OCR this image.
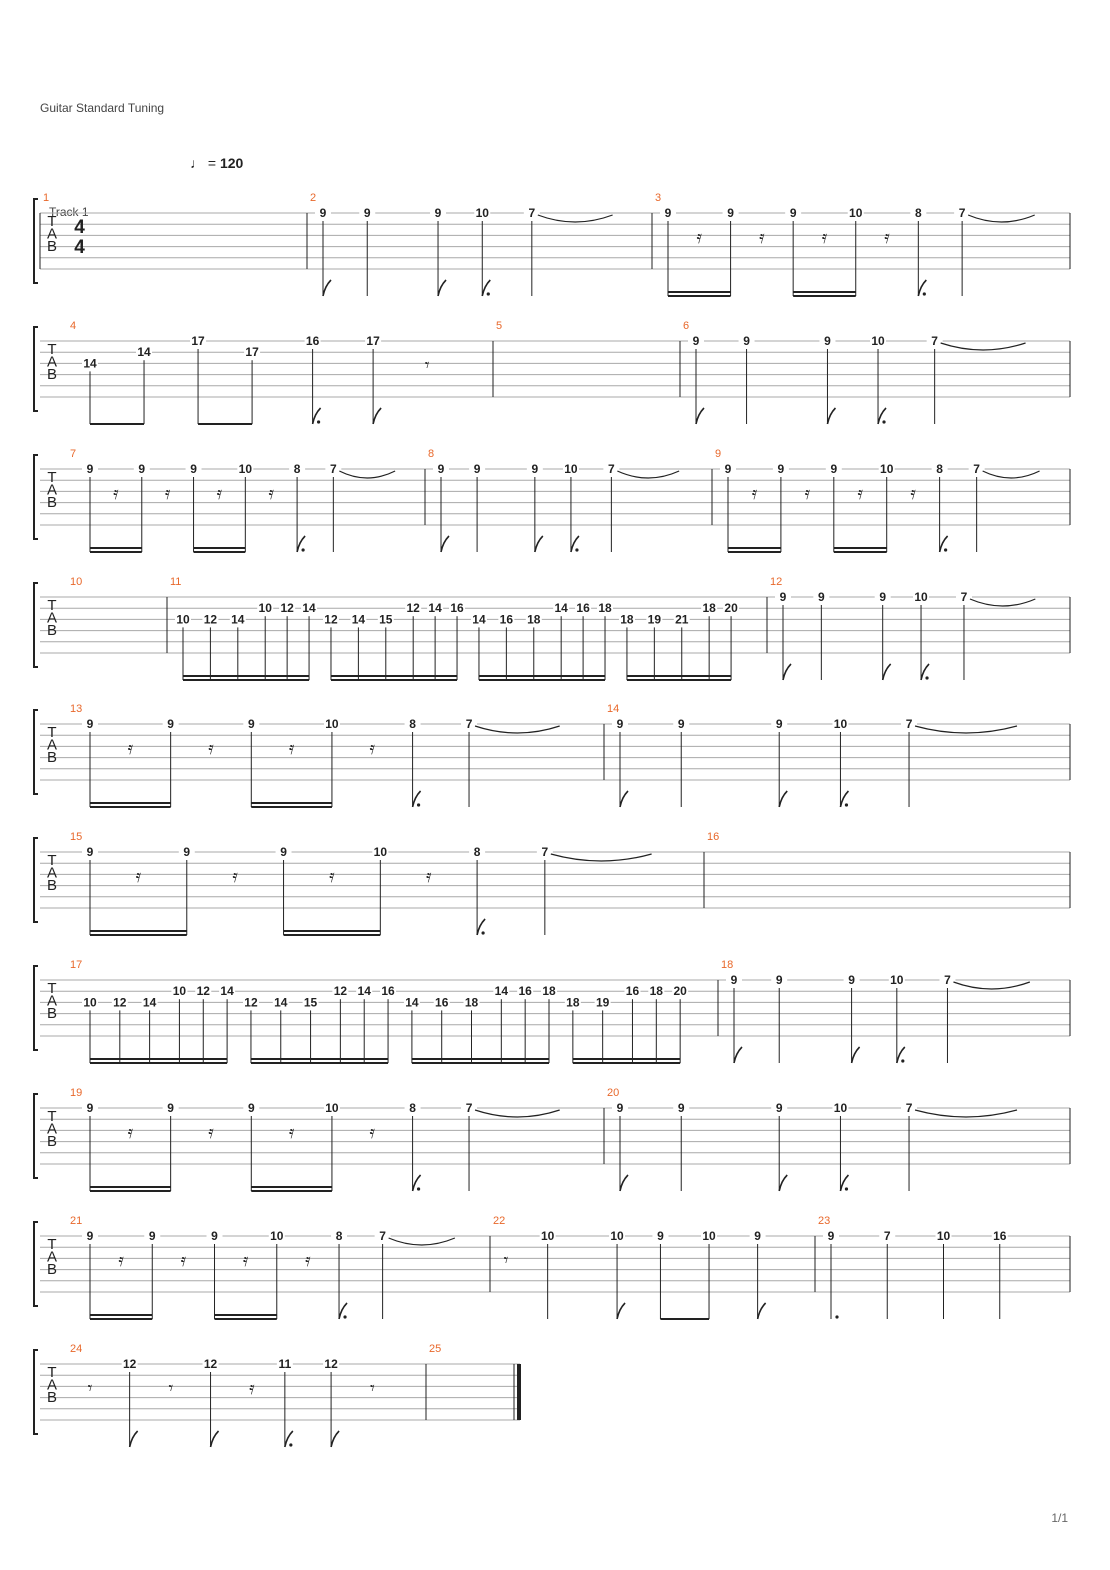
Guitar Standard Tuning
Track 1
♩ = 120
1/1
T
A
B
4
4
1	2
9	9	9	10	7
3
9
𝄿
9
𝄿
9
𝄿
10
𝄿
8	7
T
A
B
4
14
14
17
17
16	17
𝄾
5	6
9	9	9	10	7
T
A
B
7
9
𝄿
9
𝄿
9
𝄿
10
𝄿
8 7
8
9 9	9 10	7
9
9
𝄿
9
𝄿
9
𝄿
10
𝄿
8	7
T
A
B
10	11
10 12 14
10 12 14
12 14 15
12 14 16
14 16 18
14 16 18
18 19 21
18 20
12
9	9	9 10	7
T
A
B
13
9
𝄿
9
𝄿
9
𝄿
10
𝄿
8	7
14
9	9	9	10	7
T
A
B
15
9
𝄿
9
𝄿
9
𝄿
10
𝄿
8	7
16
T
A
B
17
10 12 14
10 12 14
12 14 15
12 14 16
14 16 18
14 16 18
18 19
16 18 20
18
9	9	9	10	7
T
A
B
19
9
𝄿
9
𝄿
9
𝄿
10
𝄿
8	7
20
9	9	9	10	7
T
A
B
21
9
𝄿
9
𝄿
9
𝄿
10
𝄿
8	7
22
𝄾
10	10	9	10	9
23
9	7	10	16
T
A
B
24
𝄾
12
𝄾
12
𝄿
11	12
𝄾
25
